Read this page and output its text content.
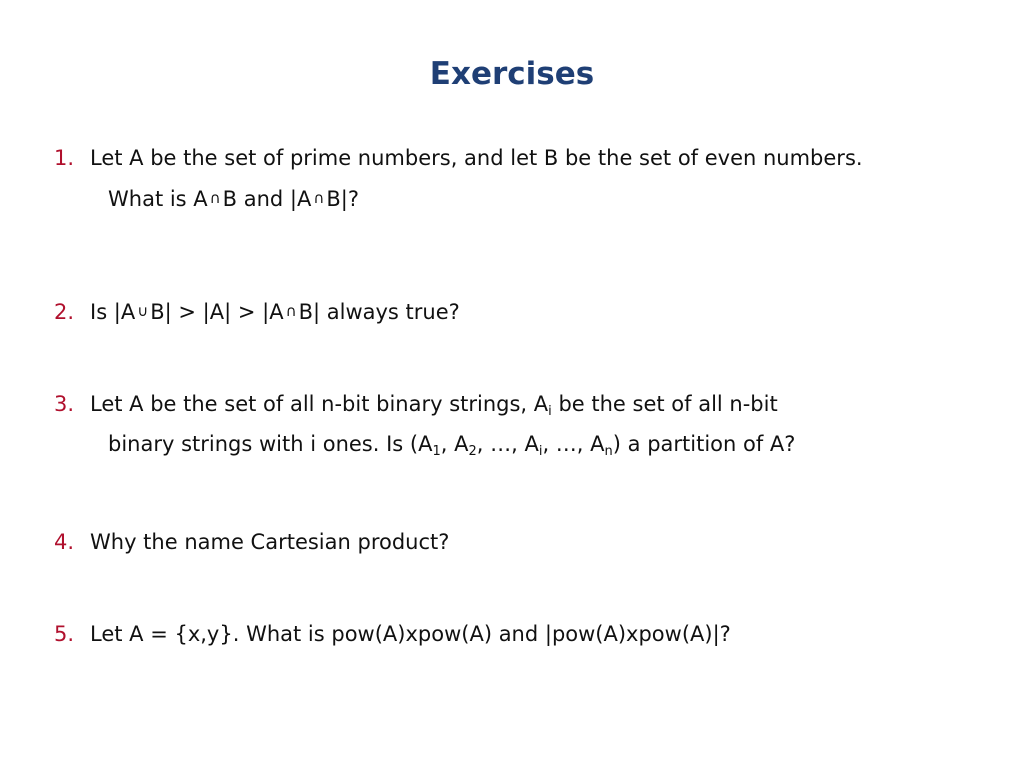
Exercises
1. Let A be the set of prime numbers, and let B be the set of even numbers.
What is A ∩B and |A ∩B|?
2. Is |A ∪B| > |A| > |A ∩B| always true?
3. Let A be the set of all n-bit binary strings, $A_i$ be the set of all n-bit
binary strings with i ones. Is ($A_1$, $A_2$, …, $A_i$, …, $A_n$) a partition of A?
4. Why the name Cartesian product?
5. Let A = {x,y}. What is pow(A)xpow(A) and |pow(A)xpow(A)|?
